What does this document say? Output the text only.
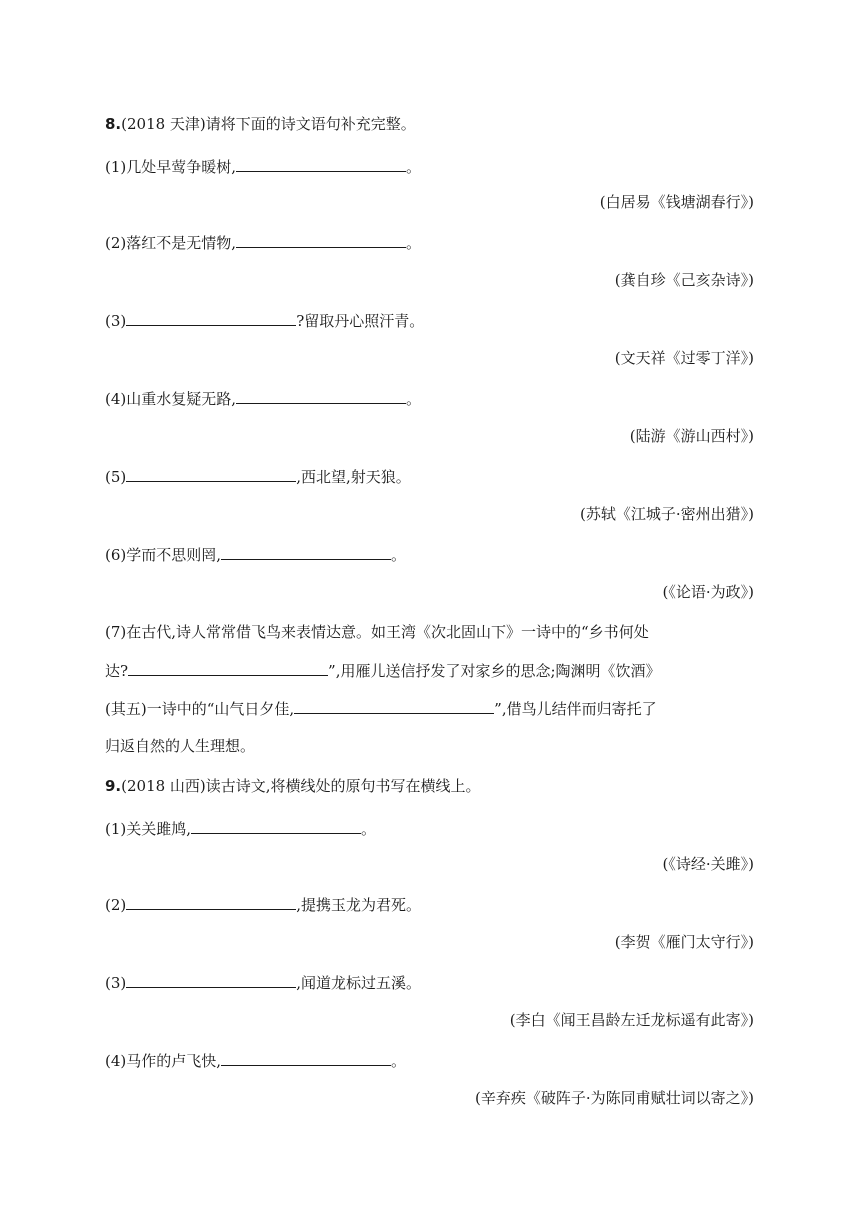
8.(2018 天津)请将下面的诗文语句补充完整。
(1)几处早莺争暖树,	。
(白居易《钱塘湖春行》)
(2)落红不是无情物,	。
(龚自珍《己亥杂诗》)
(3)	?留取丹心照汗青。
(文天祥《过零丁洋》)
(4)山重水复疑无路,	。
(陆游《游山西村》)
(5)	,西北望,射天狼。
(苏轼《江城子·密州出猎》)
(6)学而不思则罔,	。
(《论语·为政》)
(7)在古代,诗人常常借飞鸟来表情达意。如王湾《次北固山下》一诗中的“乡书何处
达?	”,用雁儿送信抒发了对家乡的思念;陶渊明《饮酒》
(其五)一诗中的“山气日夕佳,	”,借鸟儿结伴而归寄托了
归返自然的人生理想。
9.(2018 山西)读古诗文,将横线处的原句书写在横线上。
(1)关关雎鸠,	。
(《诗经·关雎》)
(2)	,提携玉龙为君死。
(李贺《雁门太守行》)
(3)	,闻道龙标过五溪。
(李白《闻王昌龄左迁龙标遥有此寄》)
(4)马作的卢飞快,	。
(辛弃疾《破阵子·为陈同甫赋壮词以寄之》)
